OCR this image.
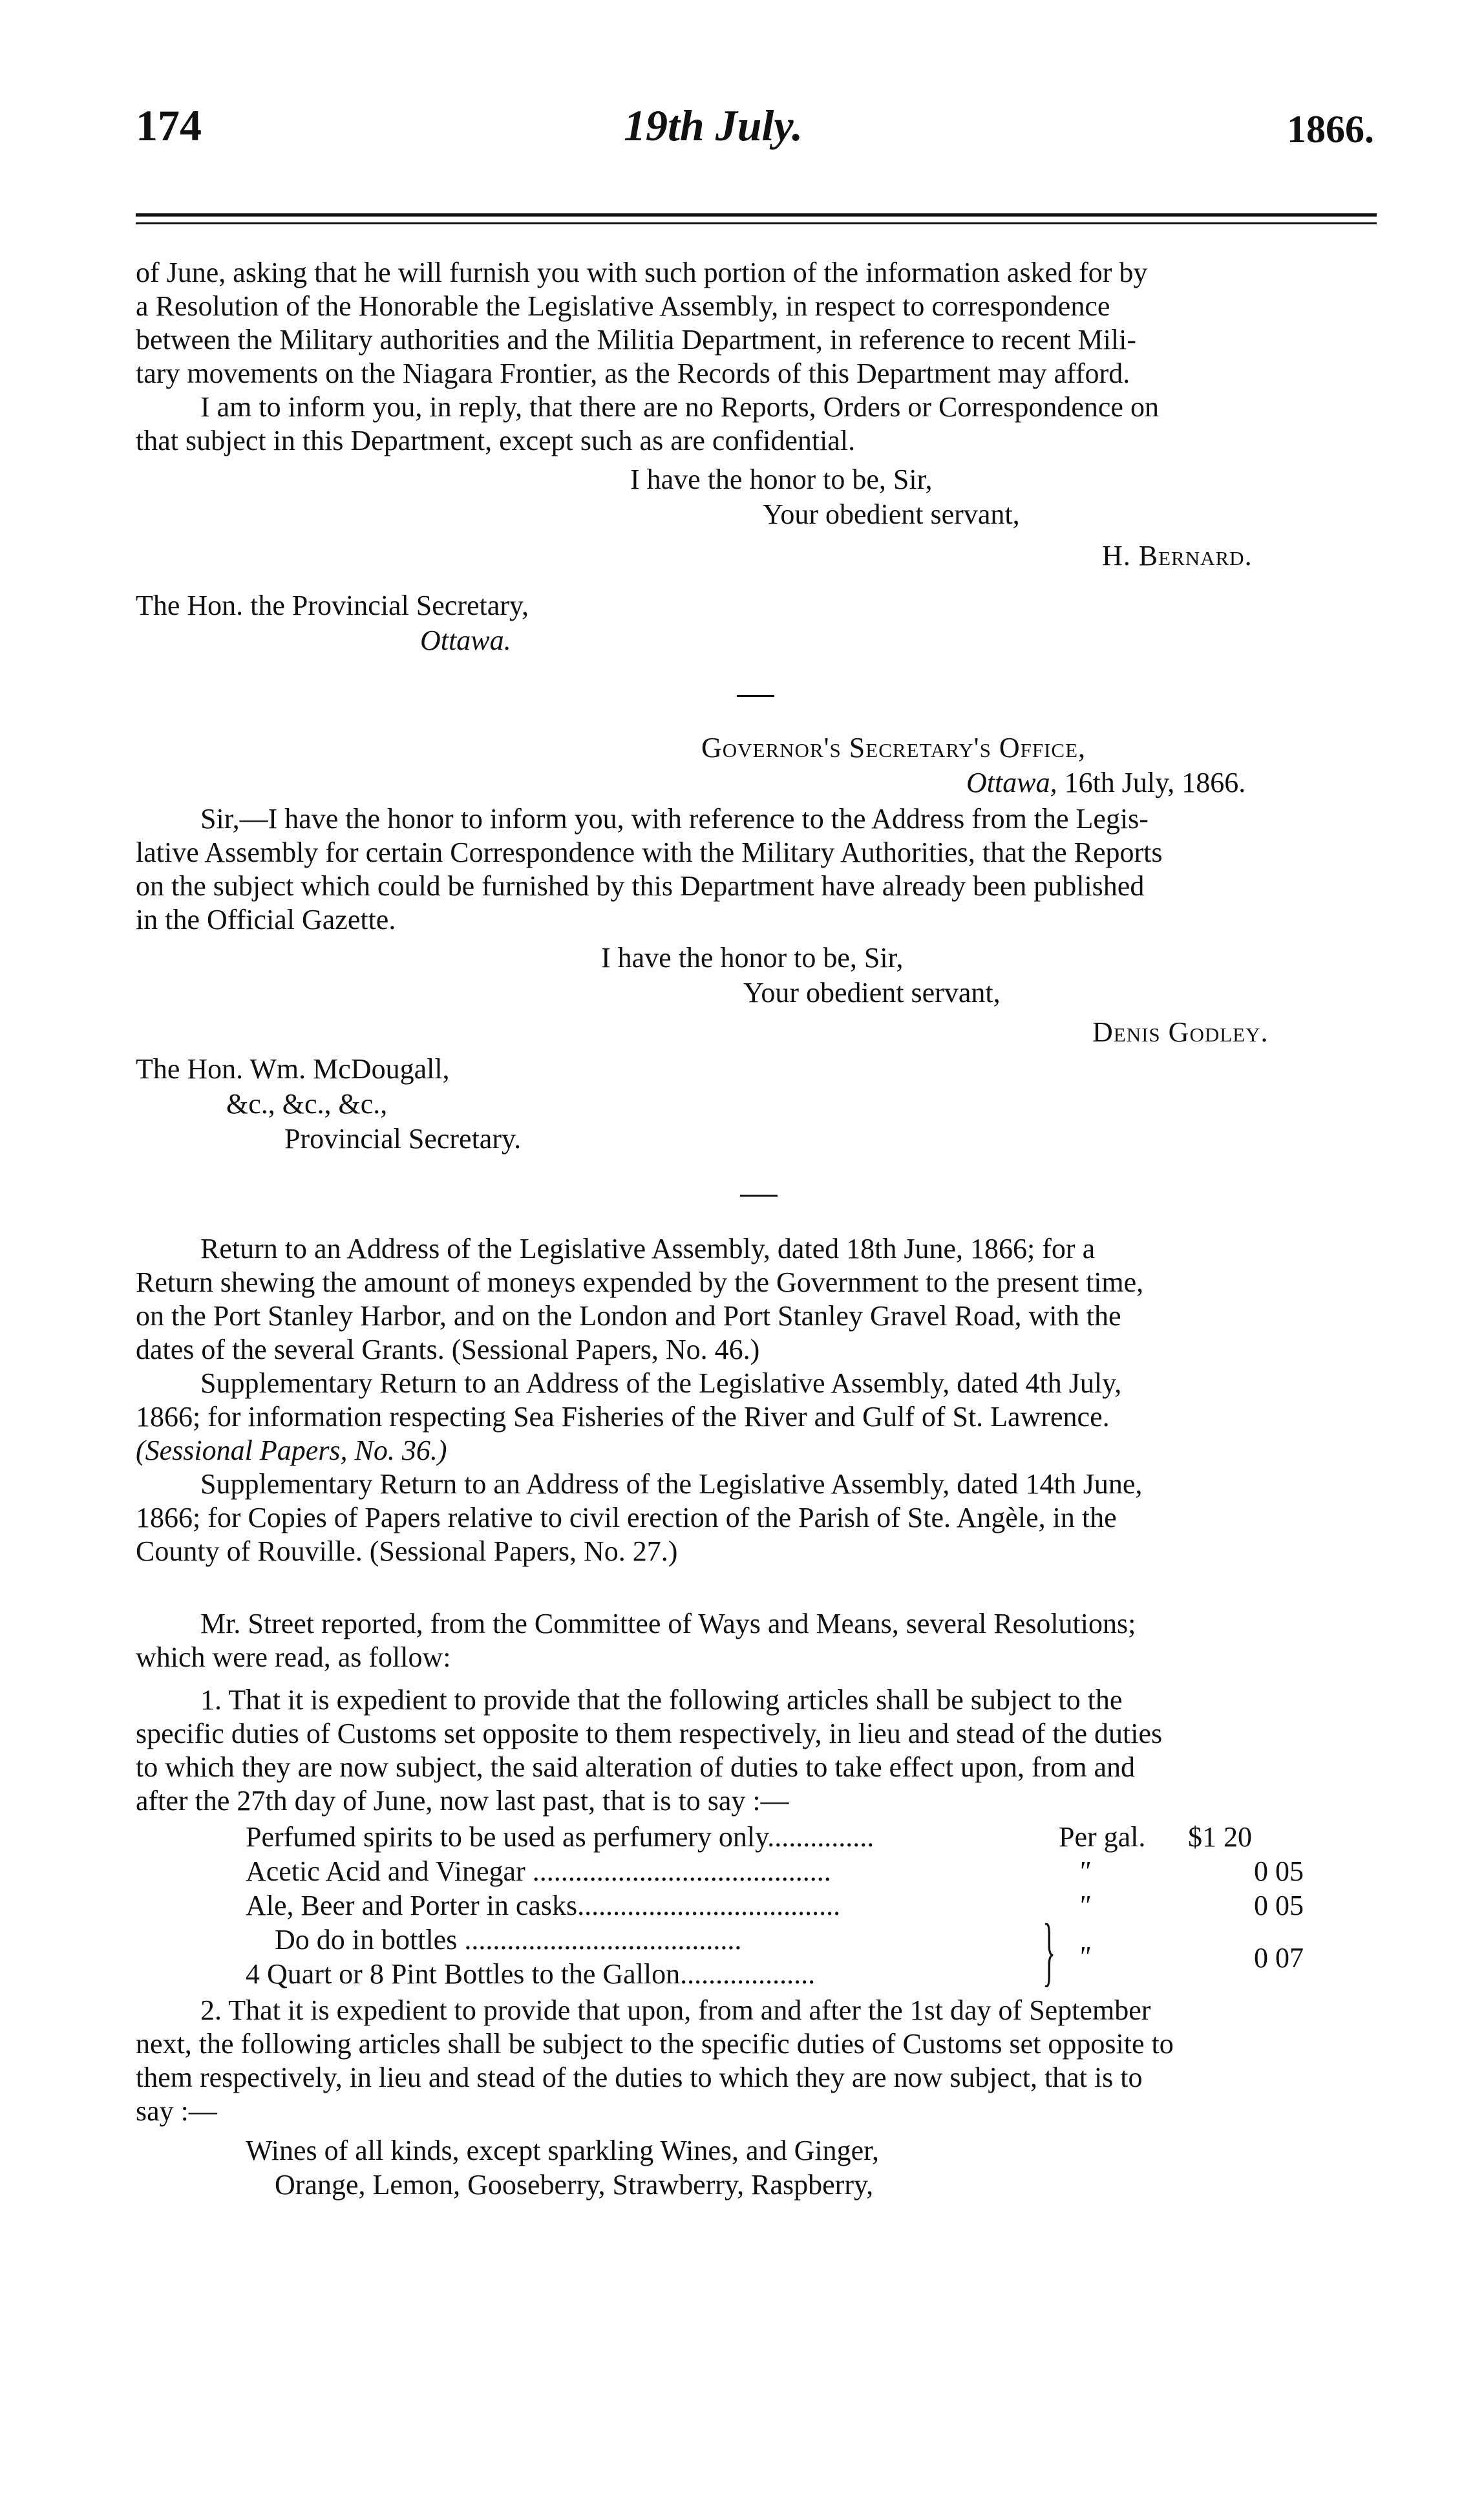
174	19th July.	1866.
of June, asking that he will furnish you with such portion of the information asked for by
a Resolution of the Honorable the Legislative Assembly, in respect to correspondence
between the Military authorities and the Militia Department, in reference to recent Mili-
tary movements on the Niagara Frontier, as the Records of this Department may afford.
I am to inform you, in reply, that there are no Reports, Orders or Correspondence on
that subject in this Department, except such as are confidential.
I have the honor to be, Sir,
Your obedient servant,
H. Bernard.
The Hon. the Provincial Secretary,
Ottawa.
Governor's Secretary's Office,
Ottawa, 16th July, 1866.
Sir,—I have the honor to inform you, with reference to the Address from the Legis-
lative Assembly for certain Correspondence with the Military Authorities, that the Reports
on the subject which could be furnished by this Department have already been published
in the Official Gazette.
I have the honor to be, Sir,
Your obedient servant,
Denis Godley.
The Hon. Wm. McDougall,
&c., &c., &c.,
Provincial Secretary.
Return to an Address of the Legislative Assembly, dated 18th June, 1866; for a
Return shewing the amount of moneys expended by the Government to the present time,
on the Port Stanley Harbor, and on the London and Port Stanley Gravel Road, with the
dates of the several Grants. (Sessional Papers, No. 46.)
Supplementary Return to an Address of the Legislative Assembly, dated 4th July,
1866; for information respecting Sea Fisheries of the River and Gulf of St. Lawrence.
(Sessional Papers, No. 36.)
Supplementary Return to an Address of the Legislative Assembly, dated 14th June,
1866; for Copies of Papers relative to civil erection of the Parish of Ste. Angèle, in the
County of Rouville. (Sessional Papers, No. 27.)
Mr. Street reported, from the Committee of Ways and Means, several Resolutions;
which were read, as follow:
1. That it is expedient to provide that the following articles shall be subject to the
specific duties of Customs set opposite to them respectively, in lieu and stead of the duties
to which they are now subject, the said alteration of duties to take effect upon, from and
after the 27th day of June, now last past, that is to say :—
Perfumed spirits to be used as perfumery only...............	Per gal. $1 20
Acetic Acid and Vinegar ..........................................	"	0 05
Ale, Beer and Porter in casks.....................................	"	0 05
Do do in bottles .......................................
4 Quart or 8 Pint Bottles to the Gallon...................	} "	0 07
2. That it is expedient to provide that upon, from and after the 1st day of September
next, the following articles shall be subject to the specific duties of Customs set opposite to
them respectively, in lieu and stead of the duties to which they are now subject, that is to
say :—
Wines of all kinds, except sparkling Wines, and Ginger,
Orange, Lemon, Gooseberry, Strawberry, Raspberry,
